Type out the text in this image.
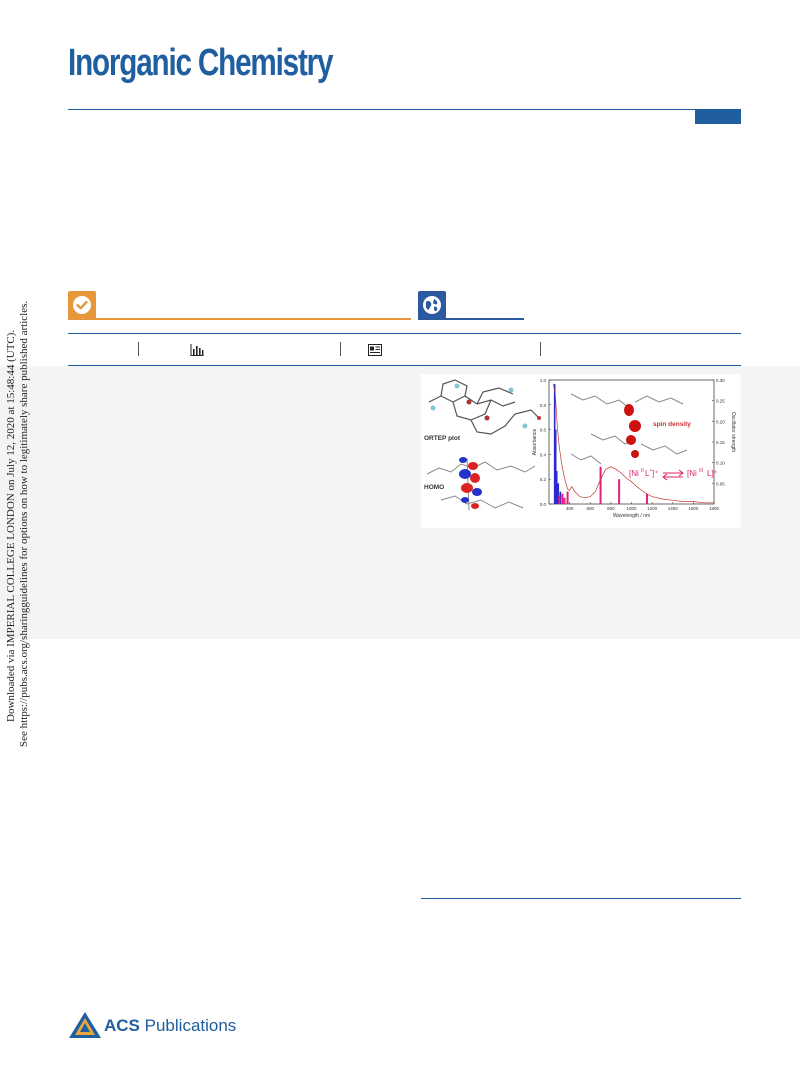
Inorganic Chemistry
ORTEP plot
HOMO
0.0
0.2
0.4
0.6
0.8
1.0
0.05
0.10
0.15
0.20
0.25
0.30
400	600	800	1000 1200 1400 1600 1800
Wavelength / nm
Absorbance	Oscillator strength
spin density
[Ni II L • ]⁺	[Ni III L]⁺
Downloaded via IMPERIAL COLLEGE LONDON on July 12, 2020 at 15:48:44 (UTC). See https://pubs.acs.org/sharingguidelines for options on how to legitimately share published articles.
ACS Publications
